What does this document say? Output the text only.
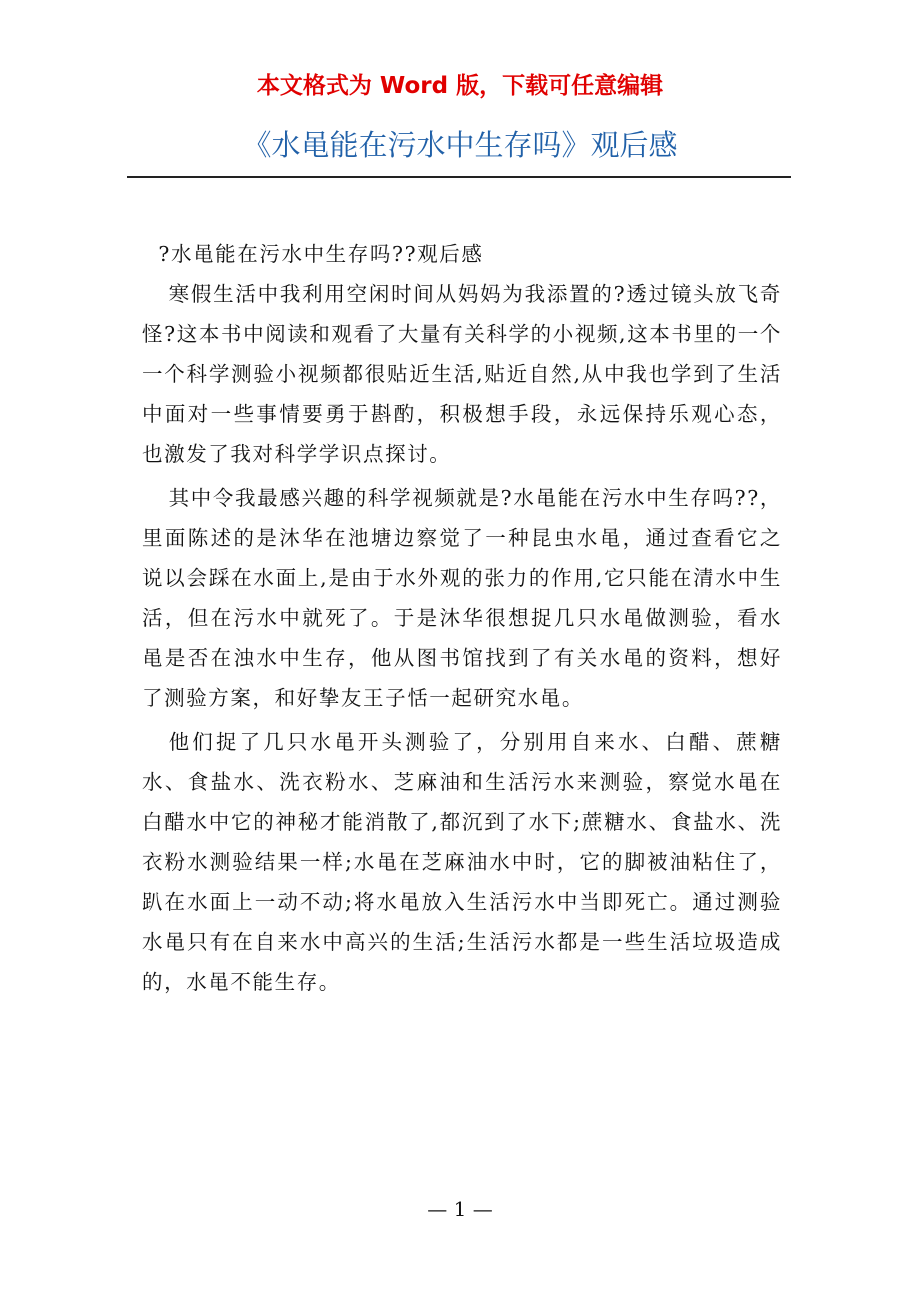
本文格式为 Word 版，下载可任意编辑
《水黾能在污水中生存吗》观后感

?水黾能在污水中生存吗??观后感

寒假生活中我利用空闲时间从妈妈为我添置的?透过镜头放飞奇怪?这本书中阅读和观看了大量有关科学的小视频,这本书里的一个一个科学测验小视频都很贴近生活,贴近自然,从中我也学到了生活中面对一些事情要勇于斟酌，积极想手段，永远保持乐观心态，也激发了我对科学学识点探讨。

其中令我最感兴趣的科学视频就是?水黾能在污水中生存吗??，里面陈述的是沐华在池塘边察觉了一种昆虫水黾，通过查看它之说以会踩在水面上,是由于水外观的张力的作用,它只能在清水中生活，但在污水中就死了。于是沐华很想捉几只水黾做测验，看水黾是否在浊水中生存，他从图书馆找到了有关水黾的资料，想好了测验方案，和好挚友王子恬一起研究水黾。

他们捉了几只水黾开头测验了，分别用自来水、白醋、蔗糖水、食盐水、洗衣粉水、芝麻油和生活污水来测验，察觉水黾在白醋水中它的神秘才能消散了,都沉到了水下;蔗糖水、食盐水、洗衣粉水测验结果一样;水黾在芝麻油水中时，它的脚被油粘住了，趴在水面上一动不动;将水黾放入生活污水中当即死亡。通过测验水黾只有在自来水中高兴的生活;生活污水都是一些生活垃圾造成的，水黾不能生存。

— 1 —
